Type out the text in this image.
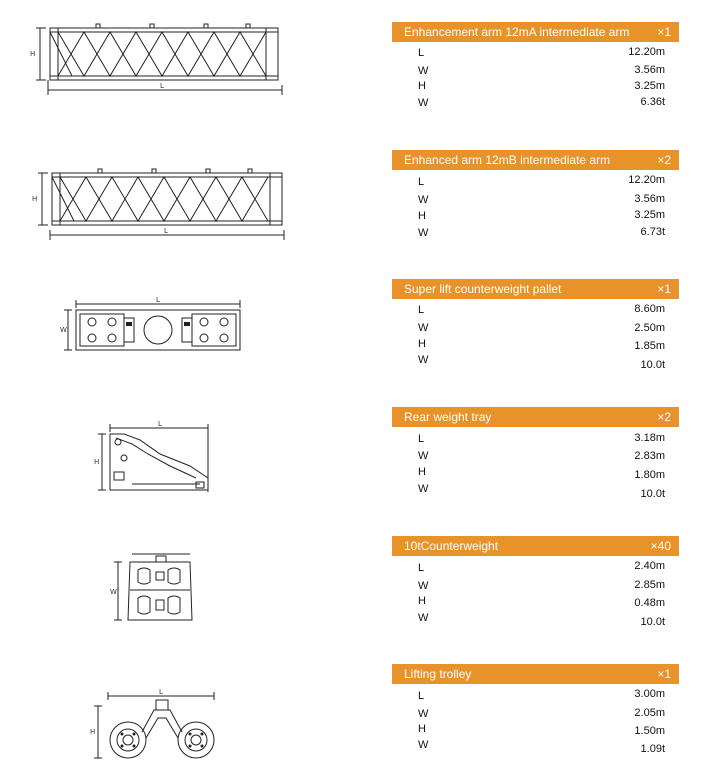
H
L
Enhancement arm 12mA intermediate arm ×1
L	12.20m
W	3.56m
H	3.25m
W	6.36t
H
L
Enhanced arm 12mB intermediate arm	×2
L	12.20m
W	3.56m
H	3.25m
W	6.73t
L
W
Super lift counterweight pallet	×1
L	8.60m
W	2.50m
H	1.85m
W	10.0t
L
H
Rear weight tray	×2
L	3.18m
W	2.83m
H	1.80m
W	10.0t
W
10tCounterweight	×40
L	2.40m
W	2.85m
H	0.48m
W	10.0t
L
H
Lifting trolley	×1
L	3.00m
W	2.05m
H	1.50m
W	1.09t
